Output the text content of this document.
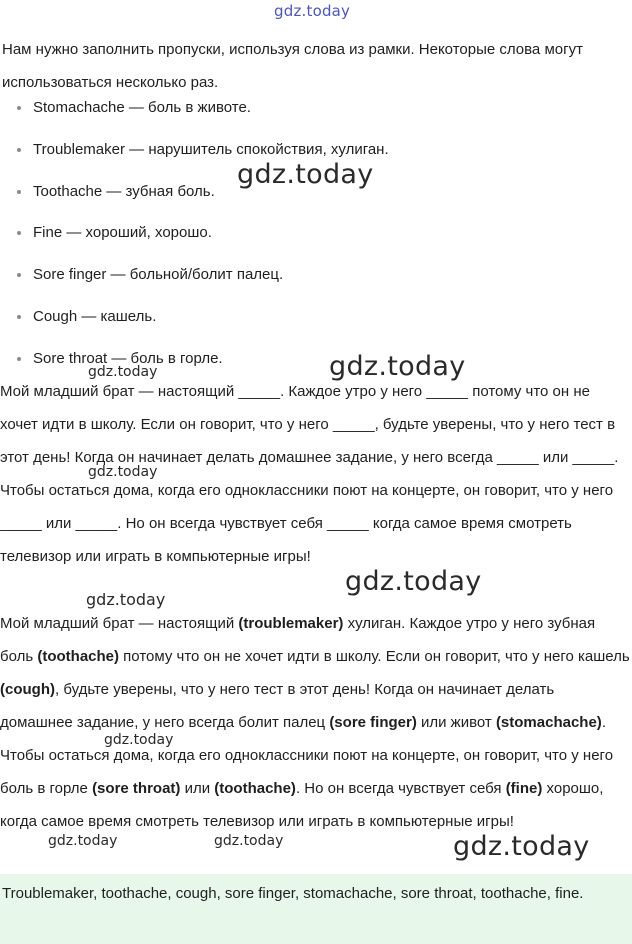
gdz.today
Нам нужно заполнить пропуски, используя слова из рамки. Некоторые слова могут использоваться несколько раз.
Stomachache — боль в животе.
Troublemaker — нарушитель спокойствия, хулиган.
Toothache — зубная боль.
Fine — хороший, хорошо.
Sore finger — больной/болит палец.
Cough — кашель.
Sore throat — боль в горле.
Мой младший брат — настоящий _____. Каждое утро у него _____ потому что он не хочет идти в школу. Если он говорит, что у него _____, будьте уверены, что у него тест в этот день! Когда он начинает делать домашнее задание, у него всегда _____ или _____. Чтобы остаться дома, когда его одноклассники поют на концерте, он говорит, что у него _____ или _____. Но он всегда чувствует себя _____ когда самое время смотреть телевизор или играть в компьютерные игры!
Мой младший брат — настоящий (troublemaker) хулиган. Каждое утро у него зубная боль (toothache) потому что он не хочет идти в школу. Если он говорит, что у него кашель (cough), будьте уверены, что у него тест в этот день! Когда он начинает делать домашнее задание, у него всегда болит палец (sore finger) или живот (stomachache). Чтобы остаться дома, когда его одноклассники поют на концерте, он говорит, что у него боль в горле (sore throat) или (toothache). Но он всегда чувствует себя (fine) хорошо, когда самое время смотреть телевизор или играть в компьютерные игры!
Troublemaker, toothache, cough, sore finger, stomachache, sore throat, toothache, fine.
gdz.today
gdz.today
gdz.today
gdz.today
gdz.today
gdz.today
gdz.today
gdz.today	gdz.today	gdz.today
